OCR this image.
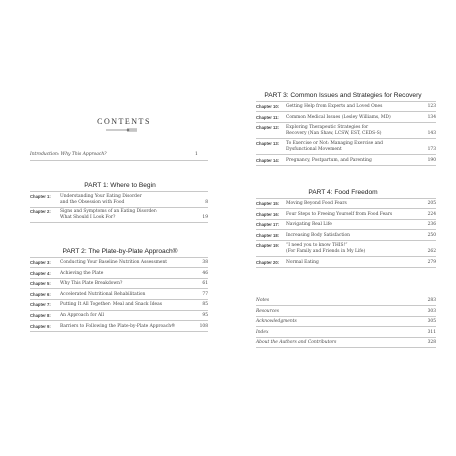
CONTENTS
Introduction: Why This Approach?	1
PART 1: Where to Begin
Chapter 1: Understanding Your Eating Disorder
and the Obsession with Food	8
Chapter 2: Signs and Symptoms of an Eating Disorder:
What Should I Look For?	19
PART 2: The Plate-by-Plate Approach®
Chapter 3: Conducting Your Baseline Nutrition Assessment	38
Chapter 4: Achieving the Plate	46
Chapter 5: Why This Plate Breakdown?	61
Chapter 6: Accelerated Nutritional Rehabilitation	77
Chapter 7: Putting It All Together: Meal and Snack Ideas	85
Chapter 8: An Approach for All	95
Chapter 9: Barriers to Following the Plate-by-Plate Approach®	108
PART 3: Common Issues and Strategies for Recovery
Chapter 10: Getting Help from Experts and Loved Ones	123
Chapter 11: Common Medical Issues (Lesley Williams, MD)	134
Chapter 12: Exploring Therapeutic Strategies for
Recovery (Nan Shaw, LCSW, EST, CEDS-S)	143
Chapter 13: To Exercise or Not: Managing Exercise and
Dysfunctional Movement	173
Chapter 14: Pregnancy, Postpartum, and Parenting	190
PART 4: Food Freedom
Chapter 15: Moving Beyond Food Fears	205
Chapter 16: Four Steps to Freeing Yourself from Food Fears	224
Chapter 17: Navigating Real Life	236
Chapter 18: Increasing Body Satisfaction	250
Chapter 19: “I need you to know THIS!”
(For Family and Friends in My Life)	262
Chapter 20: Normal Eating	279
Notes	283
Resources	303
Acknowledgments	305
Index	311
About the Authors and Contributors	328
